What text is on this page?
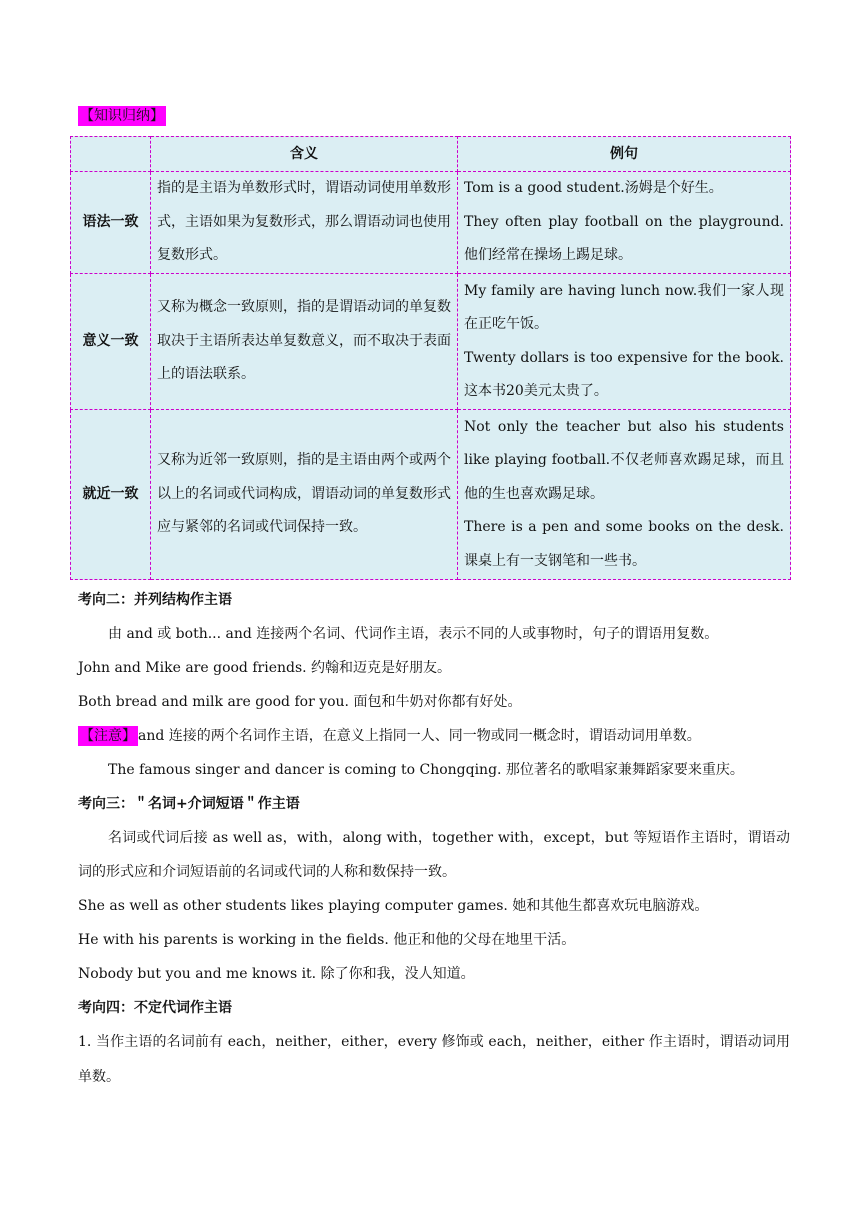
【知识归纳】
	含义	例句
语法一致	指的是主语为单数形式时，谓语动词使用单数形式，主语如果为复数形式，那么谓语动词也使用复数形式。	Tom is a good student.汤姆是个好生。

They often play football on the playground.他们经常在操场上踢足球。

意义一致	又称为概念一致原则，指的是谓语动词的单复数取决于主语所表达单复数意义，而不取决于表面上的语法联系。	My family are having lunch now.我们一家人现在正吃午饭。

Twenty dollars is too expensive for the book. 这本书20美元太贵了。

就近一致	又称为近邻一致原则，指的是主语由两个或两个以上的名词或代词构成，谓语动词的单复数形式应与紧邻的名词或代词保持一致。	Not only the teacher but also his students like playing football.不仅老师喜欢踢足球，而且他的生也喜欢踢足球。

There is a pen and some books on the desk.课桌上有一支钢笔和一些书。

考向二：并列结构作主语

由 and 或 both... and 连接两个名词、代词作主语，表示不同的人或事物时，句子的谓语用复数。

John and Mike are good friends. 约翰和迈克是好朋友。

Both bread and milk are good for you. 面包和牛奶对你都有好处。

【注意】 and 连接的两个名词作主语，在意义上指同一人、同一物或同一概念时，谓语动词用单数。

The famous singer and dancer is coming to Chongqing. 那位著名的歌唱家兼舞蹈家要来重庆。

考向三：＂名词+介词短语＂作主语

名词或代词后接 as well as，with，along with，together with，except，but 等短语作主语时，谓语动词的形式应和介词短语前的名词或代词的人称和数保持一致。

She as well as other students likes playing computer games. 她和其他生都喜欢玩电脑游戏。

He with his parents is working in the fields. 他正和他的父母在地里干活。

Nobody but you and me knows it. 除了你和我，没人知道。

考向四：不定代词作主语

1. 当作主语的名词前有 each，neither，either，every 修饰或 each，neither，either 作主语时，谓语动词用单数。
